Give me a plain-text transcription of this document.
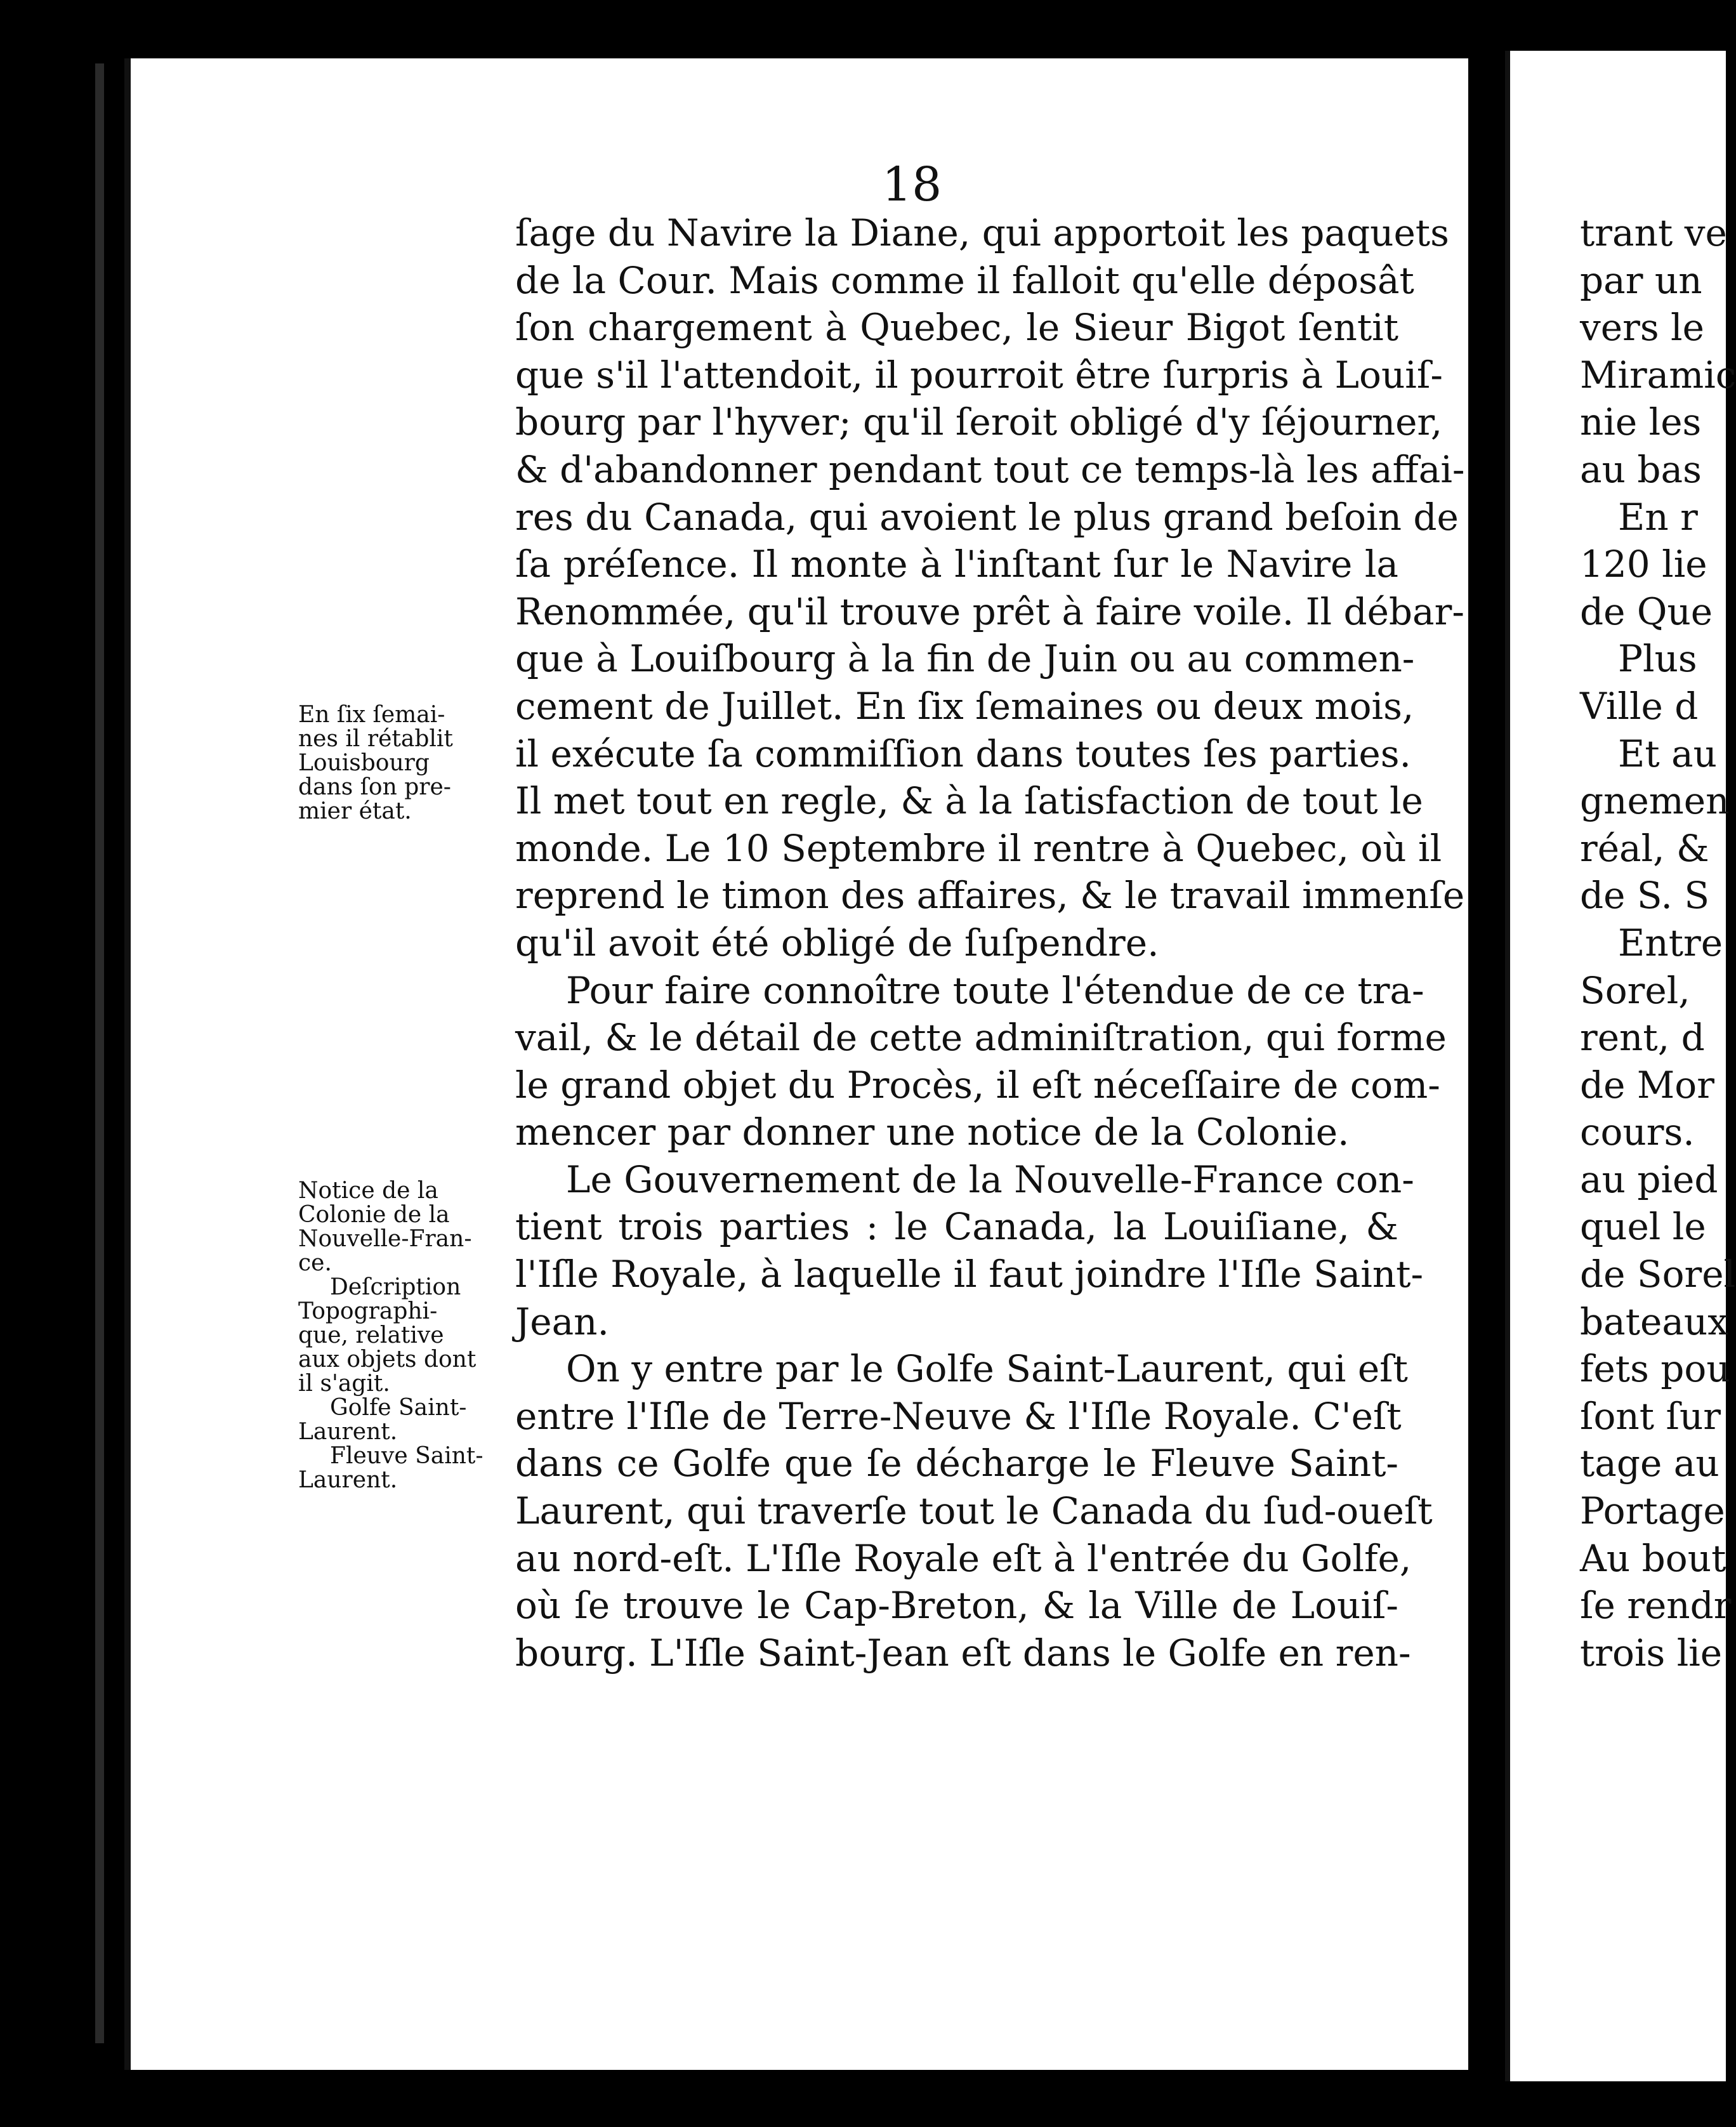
18
ſage du Navire la Diane, qui apportoit les paquets
de la Cour. Mais comme il falloit qu'elle déposât
ſon chargement à Quebec, le Sieur Bigot ſentit
que s'il l'attendoit, il pourroit être ſurpris à Louiſ-
bourg par l'hyver; qu'il ſeroit obligé d'y ſéjourner,
& d'abandonner pendant tout ce temps-là les affai-
res du Canada, qui avoient le plus grand beſoin de
ſa préſence. Il monte à l'inſtant ſur le Navire la
Renommée, qu'il trouve prêt à faire voile. Il débar-
que à Louiſbourg à la fin de Juin ou au commen-
cement de Juillet. En ſix ſemaines ou deux mois,
il exécute ſa commiſſion dans toutes ſes parties.
Il met tout en regle, & à la ſatisfaction de tout le
monde. Le 10 Septembre il rentre à Quebec, où il
reprend le timon des affaires, & le travail immenſe
qu'il avoit été obligé de ſuſpendre.
Pour faire connoître toute l'étendue de ce tra-
vail, & le détail de cette adminiſtration, qui forme
le grand objet du Procès, il eſt néceſſaire de com-
mencer par donner une notice de la Colonie.
Le Gouvernement de la Nouvelle-France con-
tient trois parties : le Canada, la Louiſiane, &
l'Iſle Royale, à laquelle il faut joindre l'Iſle Saint-
Jean.
On y entre par le Golfe Saint-Laurent, qui eſt
entre l'Iſle de Terre-Neuve & l'Iſle Royale. C'eſt
dans ce Golfe que ſe décharge le Fleuve Saint-
Laurent, qui traverſe tout le Canada du ſud-oueſt
au nord-eſt. L'Iſle Royale eſt à l'entrée du Golfe,
où ſe trouve le Cap-Breton, & la Ville de Louiſ-
bourg. L'Iſle Saint-Jean eſt dans le Golfe en ren-
En ſix ſemai-
nes il rétablit
Louisbourg
dans ſon pre-
mier état.
Notice de la
Colonie de la
Nouvelle-Fran-
ce.
Deſcription
Topographi-
que, relative
aux objets dont
il s'agit.
Golfe Saint-
Laurent.
Fleuve Saint-
Laurent.
trant ve
par un
vers le
Miramic
nie les
au bas
En r
120 lie
de Que
Plus
Ville d
Et au
gnemen
réal, &
de S. S
Entre
Sorel,
rent, d
de Mor
cours.
au pied
quel le
de Sorel
bateaux
fets pou
ſont ſur
tage au
Portage
Au bout
ſe rendr
trois lie
